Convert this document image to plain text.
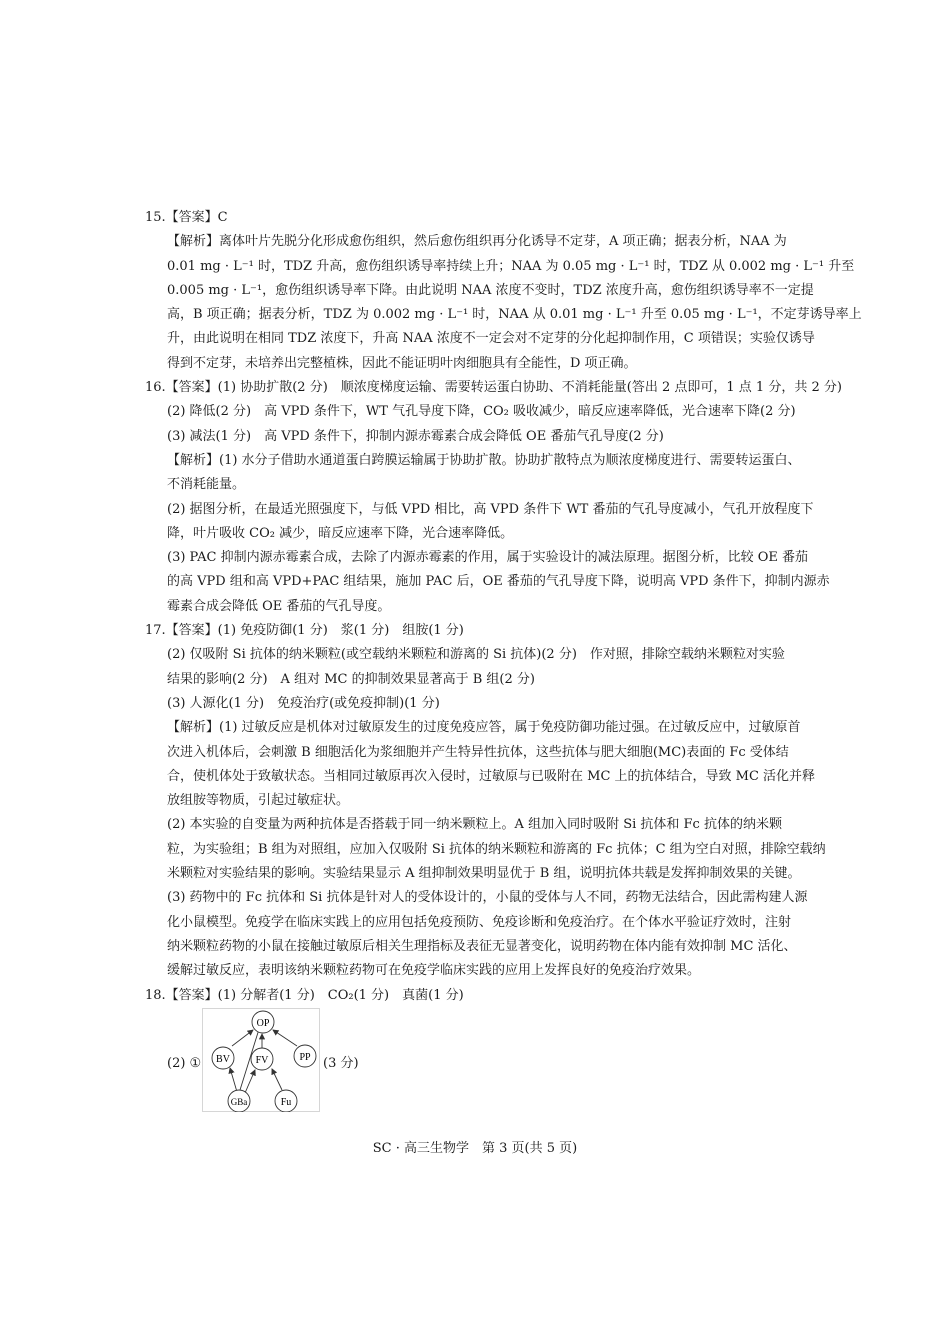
15.【答案】C
【解析】离体叶片先脱分化形成愈伤组织，然后愈伤组织再分化诱导不定芽，A 项正确；据表分析，NAA 为
0.01 mg · L⁻¹ 时，TDZ 升高，愈伤组织诱导率持续上升；NAA 为 0.05 mg · L⁻¹ 时，TDZ 从 0.002 mg · L⁻¹ 升至
0.005 mg · L⁻¹，愈伤组织诱导率下降。由此说明 NAA 浓度不变时，TDZ 浓度升高，愈伤组织诱导率不一定提
高，B 项正确；据表分析，TDZ 为 0.002 mg · L⁻¹ 时，NAA 从 0.01 mg · L⁻¹ 升至 0.05 mg · L⁻¹，不定芽诱导率上
升，由此说明在相同 TDZ 浓度下，升高 NAA 浓度不一定会对不定芽的分化起抑制作用，C 项错误；实验仅诱导
得到不定芽，未培养出完整植株，因此不能证明叶肉细胞具有全能性，D 项正确。
16.【答案】(1) 协助扩散(2 分)　顺浓度梯度运输、需要转运蛋白协助、不消耗能量(答出 2 点即可，1 点 1 分，共 2 分)
(2) 降低(2 分)　高 VPD 条件下，WT 气孔导度下降，CO₂ 吸收减少，暗反应速率降低，光合速率下降(2 分)
(3) 减法(1 分)　高 VPD 条件下，抑制内源赤霉素合成会降低 OE 番茄气孔导度(2 分)
【解析】(1) 水分子借助水通道蛋白跨膜运输属于协助扩散。协助扩散特点为顺浓度梯度进行、需要转运蛋白、
不消耗能量。
(2) 据图分析，在最适光照强度下，与低 VPD 相比，高 VPD 条件下 WT 番茄的气孔导度减小，气孔开放程度下
降，叶片吸收 CO₂ 减少，暗反应速率下降，光合速率降低。
(3) PAC 抑制内源赤霉素合成，去除了内源赤霉素的作用，属于实验设计的减法原理。据图分析，比较 OE 番茄
的高 VPD 组和高 VPD+PAC 组结果，施加 PAC 后，OE 番茄的气孔导度下降，说明高 VPD 条件下，抑制内源赤
霉素合成会降低 OE 番茄的气孔导度。
17.【答案】(1) 免疫防御(1 分)　浆(1 分)　组胺(1 分)
(2) 仅吸附 Si 抗体的纳米颗粒(或空载纳米颗粒和游离的 Si 抗体)(2 分)　作对照，排除空载纳米颗粒对实验
结果的影响(2 分)　A 组对 MC 的抑制效果显著高于 B 组(2 分)
(3) 人源化(1 分)　免疫治疗(或免疫抑制)(1 分)
【解析】(1) 过敏反应是机体对过敏原发生的过度免疫应答，属于免疫防御功能过强。在过敏反应中，过敏原首
次进入机体后，会刺激 B 细胞活化为浆细胞并产生特异性抗体，这些抗体与肥大细胞(MC)表面的 Fc 受体结
合，使机体处于致敏状态。当相同过敏原再次入侵时，过敏原与已吸附在 MC 上的抗体结合，导致 MC 活化并释
放组胺等物质，引起过敏症状。
(2) 本实验的自变量为两种抗体是否搭载于同一纳米颗粒上。A 组加入同时吸附 Si 抗体和 Fc 抗体的纳米颗
粒，为实验组；B 组为对照组，应加入仅吸附 Si 抗体的纳米颗粒和游离的 Fc 抗体；C 组为空白对照，排除空载纳
米颗粒对实验结果的影响。实验结果显示 A 组抑制效果明显优于 B 组，说明抗体共载是发挥抑制效果的关键。
(3) 药物中的 Fc 抗体和 Si 抗体是针对人的受体设计的，小鼠的受体与人不同，药物无法结合，因此需构建人源
化小鼠模型。免疫学在临床实践上的应用包括免疫预防、免疫诊断和免疫治疗。在个体水平验证疗效时，注射
纳米颗粒药物的小鼠在接触过敏原后相关生理指标及表征无显著变化，说明药物在体内能有效抑制 MC 活化、
缓解过敏反应，表明该纳米颗粒药物可在免疫学临床实践的应用上发挥良好的免疫治疗效果。
18.【答案】(1) 分解者(1 分)　CO₂(1 分)　真菌(1 分)
(2) ①
OP
BV	FV	PP
GBa	Fu
(3 分)
SC · 高三生物学　第 3 页(共 5 页)
